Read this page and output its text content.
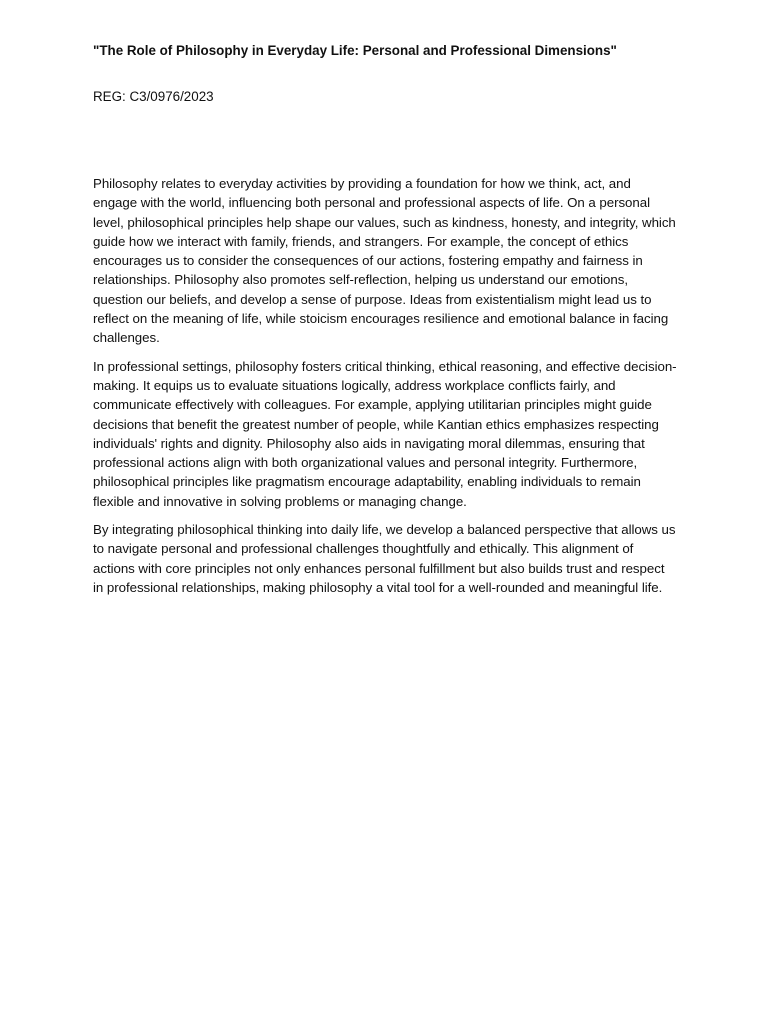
"The Role of Philosophy in Everyday Life: Personal and Professional Dimensions"

REG: C3/0976/2023

Philosophy relates to everyday activities by providing a foundation for how we think, act, and engage with the world, influencing both personal and professional aspects of life. On a personal level, philosophical principles help shape our values, such as kindness, honesty, and integrity, which guide how we interact with family, friends, and strangers. For example, the concept of ethics encourages us to consider the consequences of our actions, fostering empathy and fairness in relationships. Philosophy also promotes self-reflection, helping us understand our emotions, question our beliefs, and develop a sense of purpose. Ideas from existentialism might lead us to reflect on the meaning of life, while stoicism encourages resilience and emotional balance in facing challenges.

In professional settings, philosophy fosters critical thinking, ethical reasoning, and effective decision-making. It equips us to evaluate situations logically, address workplace conflicts fairly, and communicate effectively with colleagues. For example, applying utilitarian principles might guide decisions that benefit the greatest number of people, while Kantian ethics emphasizes respecting individuals' rights and dignity. Philosophy also aids in navigating moral dilemmas, ensuring that professional actions align with both organizational values and personal integrity. Furthermore, philosophical principles like pragmatism encourage adaptability, enabling individuals to remain flexible and innovative in solving problems or managing change.

By integrating philosophical thinking into daily life, we develop a balanced perspective that allows us to navigate personal and professional challenges thoughtfully and ethically. This alignment of actions with core principles not only enhances personal fulfillment but also builds trust and respect in professional relationships, making philosophy a vital tool for a well-rounded and meaningful life.
